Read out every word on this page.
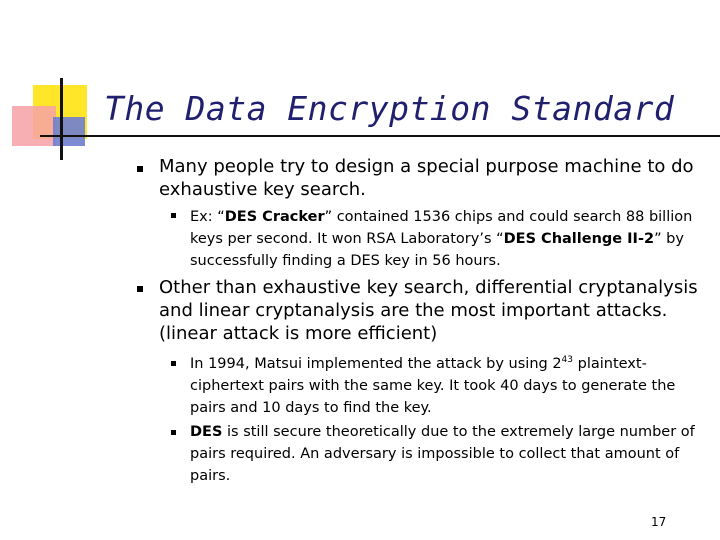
The Data Encryption Standard

Many people try to design a special purpose machine to do exhaustive key search.

Ex: “DES Cracker” contained 1536 chips and could search 88 billion keys per second. It won RSA Laboratory’s “DES Challenge II-2” by successfully finding a DES key in 56 hours.

Other than exhaustive key search, differential cryptanalysis and linear cryptanalysis are the most important attacks. (linear attack is more efficient)

In 1994, Matsui implemented the attack by using $2^{43}$ plaintext-ciphertext pairs with the same key. It took 40 days to generate the pairs and 10 days to find the key.

DES is still secure theoretically due to the extremely large number of pairs required. An adversary is impossible to collect that amount of pairs.

17
